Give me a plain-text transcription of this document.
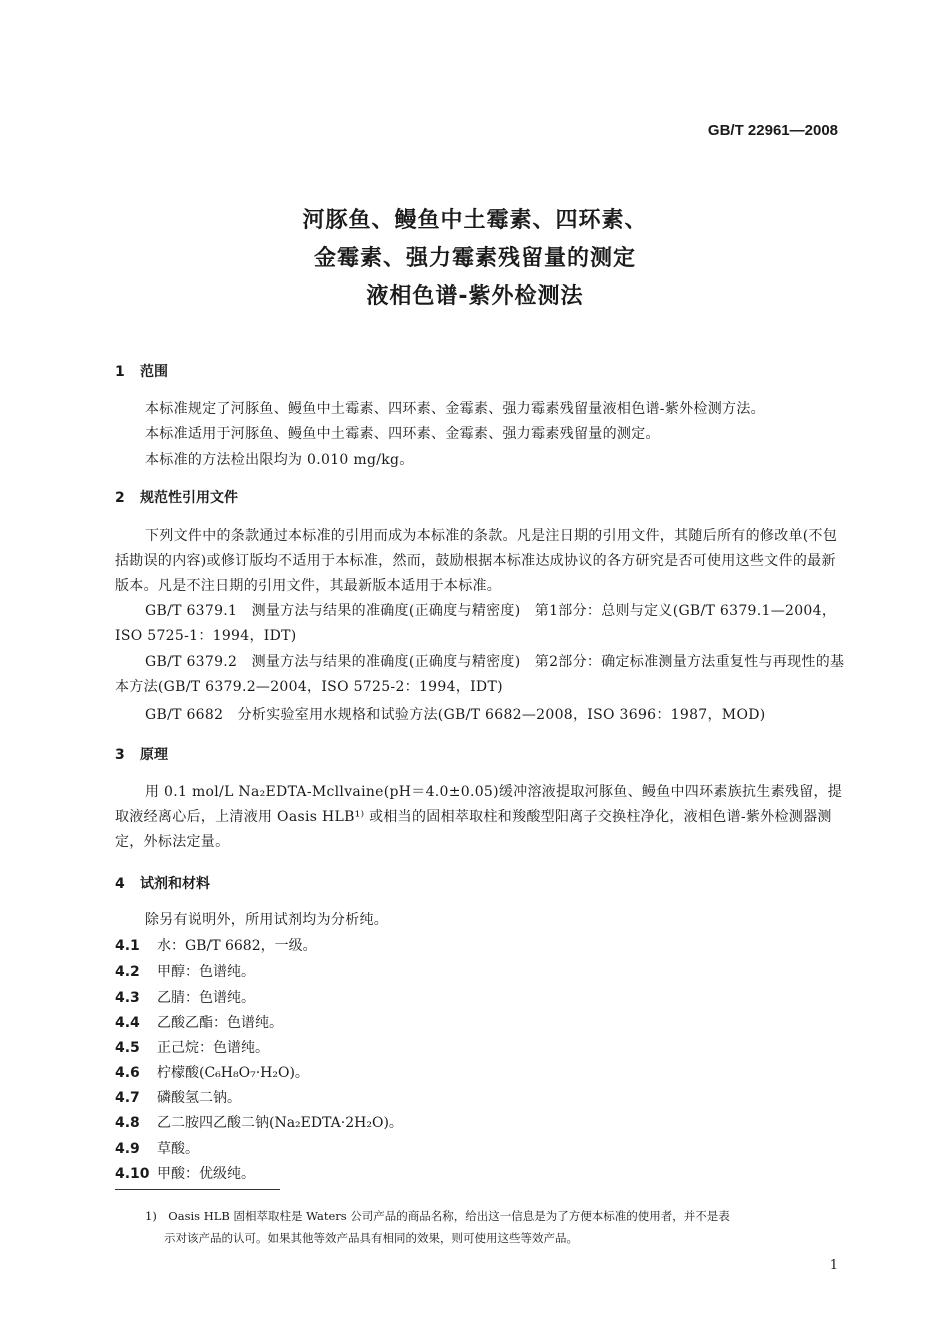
GB/T 22961—2008
河豚鱼、鳗鱼中土霉素、四环素、
金霉素、强力霉素残留量的测定
液相色谱-紫外检测法
1 范围
本标准规定了河豚鱼、鳗鱼中土霉素、四环素、金霉素、强力霉素残留量液相色谱-紫外检测方法。
本标准适用于河豚鱼、鳗鱼中土霉素、四环素、金霉素、强力霉素残留量的测定。
本标准的方法检出限均为 0.010 mg/kg。
2 规范性引用文件
下列文件中的条款通过本标准的引用而成为本标准的条款。凡是注日期的引用文件，其随后所有的修改单(不包括勘误的内容)或修订版均不适用于本标准，然而，鼓励根据本标准达成协议的各方研究是否可使用这些文件的最新版本。凡是不注日期的引用文件，其最新版本适用于本标准。
GB/T 6379.1　测量方法与结果的准确度(正确度与精密度)　第1部分：总则与定义(GB/T 6379.1—2004，ISO 5725-1：1994，IDT)
GB/T 6379.2　测量方法与结果的准确度(正确度与精密度)　第2部分：确定标准测量方法重复性与再现性的基本方法(GB/T 6379.2—2004，ISO 5725-2：1994，IDT)
GB/T 6682　分析实验室用水规格和试验方法(GB/T 6682—2008，ISO 3696：1987，MOD)
3 原理
用 0.1 mol/L Na₂EDTA-Mcllvaine(pH＝4.0±0.05)缓冲溶液提取河豚鱼、鳗鱼中四环素族抗生素残留，提取液经离心后，上清液用 Oasis HLB¹⁾ 或相当的固相萃取柱和羧酸型阳离子交换柱净化，液相色谱-紫外检测器测定，外标法定量。
4 试剂和材料
除另有说明外，所用试剂均为分析纯。
4.1 水：GB/T 6682，一级。
4.2 甲醇：色谱纯。
4.3 乙腈：色谱纯。
4.4 乙酸乙酯：色谱纯。
4.5 正己烷：色谱纯。
4.6 柠檬酸(C₆H₈O₇·H₂O)。
4.7 磷酸氢二钠。
4.8 乙二胺四乙酸二钠(Na₂EDTA·2H₂O)。
4.9 草酸。
4.10 甲酸：优级纯。
1)　Oasis HLB 固相萃取柱是 Waters 公司产品的商品名称，给出这一信息是为了方便本标准的使用者，并不是表
示对该产品的认可。如果其他等效产品具有相同的效果，则可使用这些等效产品。
1
